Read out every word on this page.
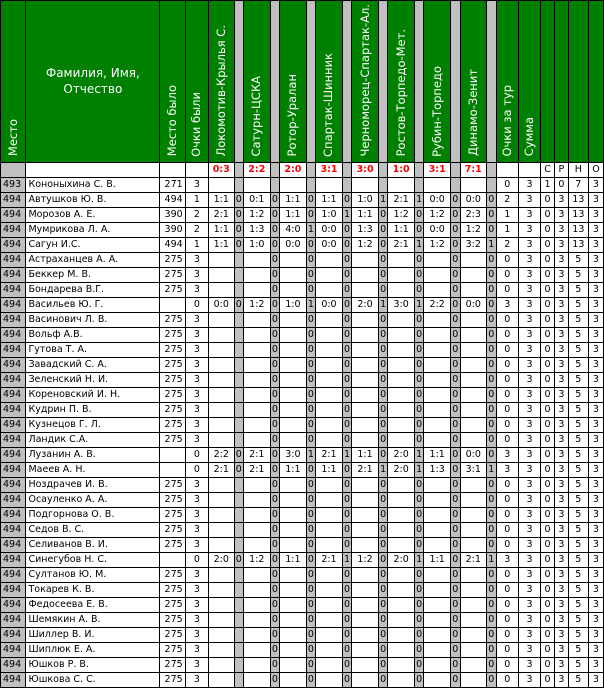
Место	Фамилия, Имя, Отчество	Место было	Очки были	Локомотив-Крылья С.		Сатурн-ЦСКА		Ротор-Уралан		Спартак-Шинник		Черноморец-Спартак-Ал.		Ростов-Торпедо-Мет.		Рубин-Торпедо		Динамо-Зенит		Очки за тур	Сумма				
				0:3		2:2		2:0		3:1		3:0		1:0		3:1		7:1				С	Р	Н	О
493	Кононыхина С. В.	271	3																	0	3	1	0	7	3
494	Автушков Ю. В.	494	1	1:1	0	0:1	0	1:1	0	1:1	0	1:0	1	2:1	1	0:0	0	0:0	0	2	3	0	3	13	3
494	Морозов А. Е.	390	2	2:1	0	1:2	0	1:1	0	1:0	1	1:1	0	1:2	0	1:2	0	2:3	0	1	3	0	3	13	3
494	Мумрикова Л. А.	390	2	1:1	0	1:3	0	4:0	1	0:0	0	1:3	0	1:1	0	0:0	0	1:2	0	1	3	0	3	13	3
494	Сагун И.С.	494	1	1:1	0	1:0	0	0:0	0	0:0	0	1:2	0	2:1	1	1:2	0	3:2	1	2	3	0	3	13	3
494	Астраханцев А. А.	275	3				0		0		0		0		0		0		0	0	3	0	3	5	3
494	Беккер М. В.	275	3				0		0		0		0		0		0		0	0	3	0	3	5	3
494	Бондарева В.Г.	275	3				0		0		0		0		0		0		0	0	3	0	3	5	3
494	Васильев Ю. Г.		0	0:0	0	1:2	0	1:0	1	0:0	0	2:0	1	3:0	1	2:2	0	0:0	0	3	3	0	3	5	3
494	Васинович Л. В.	275	3				0		0		0		0		0		0		0	0	3	0	3	5	3
494	Вольф А.В.	275	3				0		0		0		0		0		0		0	0	3	0	3	5	3
494	Гутова Т. А.	275	3				0		0		0		0		0		0		0	0	3	0	3	5	3
494	Завадский С. А.	275	3				0		0		0		0		0		0		0	0	3	0	3	5	3
494	Зеленский Н. И.	275	3				0		0		0		0		0		0		0	0	3	0	3	5	3
494	Кореновский И. Н.	275	3				0		0		0		0		0		0		0	0	3	0	3	5	3
494	Кудрин П. В.	275	3				0		0		0		0		0		0		0	0	3	0	3	5	3
494	Кузнецов Г. Л.	275	3				0		0		0		0		0		0		0	0	3	0	3	5	3
494	Ландик С.А.	275	3				0		0		0		0		0		0		0	0	3	0	3	5	3
494	Лузанин А. В.		0	2:2	0	2:1	0	3:0	1	2:1	1	1:1	0	2:0	1	1:1	0	0:0	0	3	3	0	3	5	3
494	Маеев А. Н.		0	2:1	0	2:1	0	1:1	0	1:1	0	2:1	1	2:0	1	1:3	0	3:1	1	3	3	0	3	5	3
494	Ноздрачев И. В.	275	3				0		0		0		0		0		0		0	0	3	0	3	5	3
494	Осауленко А. А.	275	3				0		0		0		0		0		0		0	0	3	0	3	5	3
494	Подгорнова О. В.	275	3				0		0		0		0		0		0		0	0	3	0	3	5	3
494	Седов В. С.	275	3				0		0		0		0		0		0		0	0	3	0	3	5	3
494	Селиванов В. И.	275	3				0		0		0		0		0		0		0	0	3	0	3	5	3
494	Синегубов Н. С.		0	2:0	0	1:2	0	1:1	0	2:1	1	1:2	0	2:0	1	1:1	0	2:1	1	3	3	0	3	5	3
494	Султанов Ю. М.	275	3				0		0		0		0		0		0		0	0	3	0	3	5	3
494	Токарев К. В.	275	3				0		0		0		0		0		0		0	0	3	0	3	5	3
494	Федосеева Е. В.	275	3				0		0		0		0		0		0		0	0	3	0	3	5	3
494	Шемякин А. В.	275	3				0		0		0		0		0		0		0	0	3	0	3	5	3
494	Шиллер В. И.	275	3				0		0		0		0		0		0		0	0	3	0	3	5	3
494	Шиплюк Е. А.	275	3				0		0		0		0		0		0		0	0	3	0	3	5	3
494	Юшков Р. В.	275	3				0		0		0		0		0		0		0	0	3	0	3	5	3
494	Юшкова С. С.	275	3				0		0		0		0		0		0		0	0	3	0	3	5	3
